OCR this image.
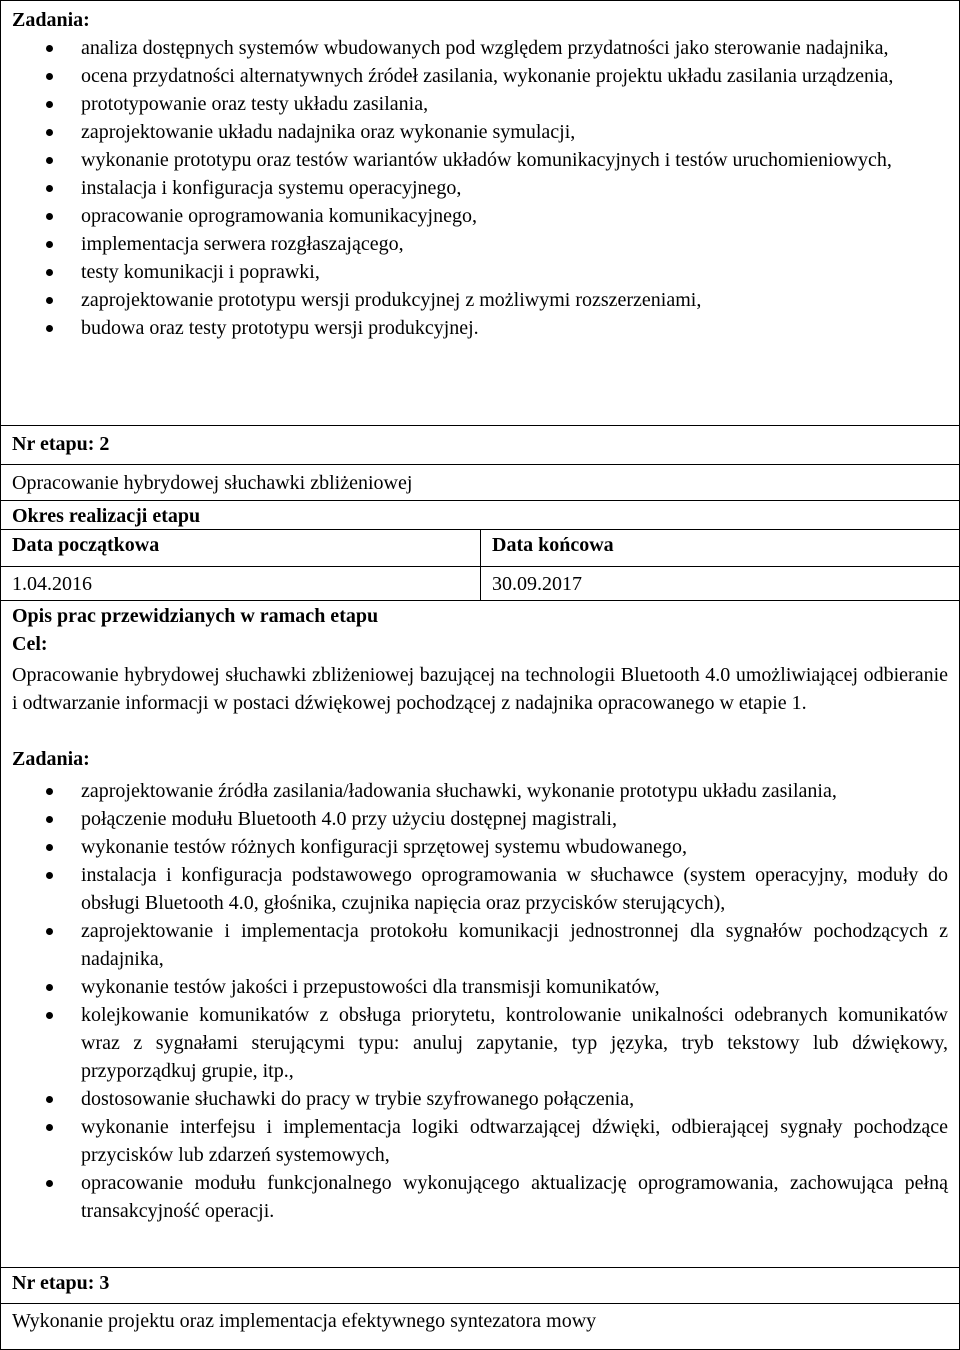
Zadania:
analiza dostępnych systemów wbudowanych pod względem przydatności jako sterowanie nadajnika,
ocena przydatności alternatywnych źródeł zasilania, wykonanie projektu układu zasilania urządzenia,
prototypowanie oraz testy układu zasilania,
zaprojektowanie układu nadajnika oraz wykonanie symulacji,
wykonanie prototypu oraz testów wariantów układów komunikacyjnych i testów uruchomieniowych,
instalacja i konfiguracja systemu operacyjnego,
opracowanie oprogramowania komunikacyjnego,
implementacja serwera rozgłaszającego,
testy komunikacji i poprawki,
zaprojektowanie prototypu wersji produkcyjnej z możliwymi rozszerzeniami,
budowa oraz testy prototypu wersji produkcyjnej.
Nr etapu: 2
Opracowanie hybrydowej słuchawki zbliżeniowej
Okres realizacji etapu
Data początkowa	Data końcowa
1.04.2016	30.09.2017
Opis prac przewidzianych w ramach etapu
Cel:
Opracowanie hybrydowej słuchawki zbliżeniowej bazującej na technologii Bluetooth 4.0 umożliwiającej odbieranie i odtwarzanie informacji w postaci dźwiękowej pochodzącej z nadajnika opracowanego w etapie 1.
Zadania:
zaprojektowanie źródła zasilania/ładowania słuchawki, wykonanie prototypu układu zasilania,
połączenie modułu Bluetooth 4.0 przy użyciu dostępnej magistrali,
wykonanie testów różnych konfiguracji sprzętowej systemu wbudowanego,
instalacja i konfiguracja podstawowego oprogramowania w słuchawce (system operacyjny, moduły do obsługi Bluetooth 4.0, głośnika, czujnika napięcia oraz przycisków sterujących),
zaprojektowanie i implementacja protokołu komunikacji jednostronnej dla sygnałów pochodzących z nadajnika,
wykonanie testów jakości i przepustowości dla transmisji komunikatów,
kolejkowanie komunikatów z obsługa priorytetu, kontrolowanie unikalności odebranych komunikatów wraz z sygnałami sterującymi typu: anuluj zapytanie, typ języka, tryb tekstowy lub dźwiękowy, przyporządkuj grupie, itp.,
dostosowanie słuchawki do pracy w trybie szyfrowanego połączenia,
wykonanie interfejsu i implementacja logiki odtwarzającej dźwięki, odbierającej sygnały pochodzące przycisków lub zdarzeń systemowych,
opracowanie modułu funkcjonalnego wykonującego aktualizację oprogramowania, zachowująca pełną transakcyjność operacji.
Nr etapu: 3
Wykonanie projektu oraz implementacja efektywnego syntezatora mowy
